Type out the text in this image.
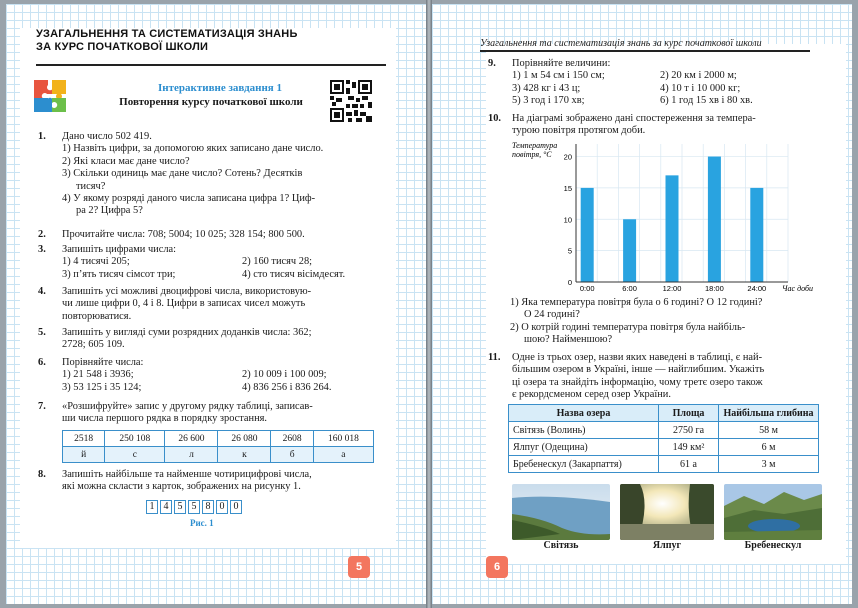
УЗАГАЛЬНЕННЯ ТА СИСТЕМАТИЗАЦІЯ ЗНАНЬ
ЗА КУРС ПОЧАТКОВОЇ ШКОЛИ
Інтерактивне завдання 1
Повторення курсу початкової школи
1. Дано число 502 419.
1) Назвіть цифри, за допомогою яких записано дане число.
2) Які класи має дане число?
3) Скільки одиниць має дане число? Сотень? Десятків
тисяч?
4) У якому розряді даного числа записана цифра 1? Циф-
ра 2? Цифра 5?
2. Прочитайте числа: 708; 5004; 10 025; 328 154; 800 500.
3. Запишіть цифрами числа:
1) 4 тисячі 205;	2) 160 тисяч 28;
3) п’ять тисяч сімсот три;	4) сто тисяч вісімдесят.
4. Запишіть усі можливі двоцифрові числа, використовую-
чи лише цифри 0, 4 і 8. Цифри в записах чисел можуть
повторюватися.
5. Запишіть у вигляді суми розрядних доданків числа: 362;
2728; 605 109.
6. Порівняйте числа:
1) 21 548 і 3936;	2) 10 009 і 100 009;
3) 53 125 і 35 124;	4) 836 256 і 836 264.
7. «Розшифруйте» запис у другому рядку таблиці, записав-
ши числа першого рядка в порядку зростання.
2518	250 108	26 600	26 080	2608	160 018
й	с	л	к	б	а
8. Запишіть найбільше та найменше чотирицифрові числа,
які можна скласти з карток, зображених на рисунку 1.
1 4 5 5 8 0 0
Рис. 1
5
Узагальнення та систематизація знань за курс початкової школи
9. Порівняйте величини:
1) 1 м 54 см і 150 см;	2) 20 км і 2000 м;
3) 428 кг і 43 ц;	4) 10 т і 10 000 кг;
5) 3 год і 170 хв;	6) 1 год 15 хв і 80 хв.
10. На діаграмі зображено дані спостереження за темпера-
турою повітря протягом доби.
0
5
10
15
20
0:00	6:00	12:00	18:00	24:00
Температура повітря, °С
Час доби
1) Яка температура повітря була о 6 годині? О 12 годині?
О 24 годині?
2) О котрій годині температура повітря була найбіль-
шою? Найменшою?
11. Одне із трьох озер, назви яких наведені в таблиці, є най-
більшим озером в Україні, інше — найглибшим. Укажіть
ці озера та знайдіть інформацію, чому третє озеро також
є рекордсменом серед озер України.
Назва озера	Площа	Найбільша глибина
Світязь (Волинь)	2750 га	58 м
Ялпуг (Одещина)	149 км²	6 м
Бребенескул (Закарпаття)	61 а	3 м
Світязь	Ялпуг	Бребенескул
6
